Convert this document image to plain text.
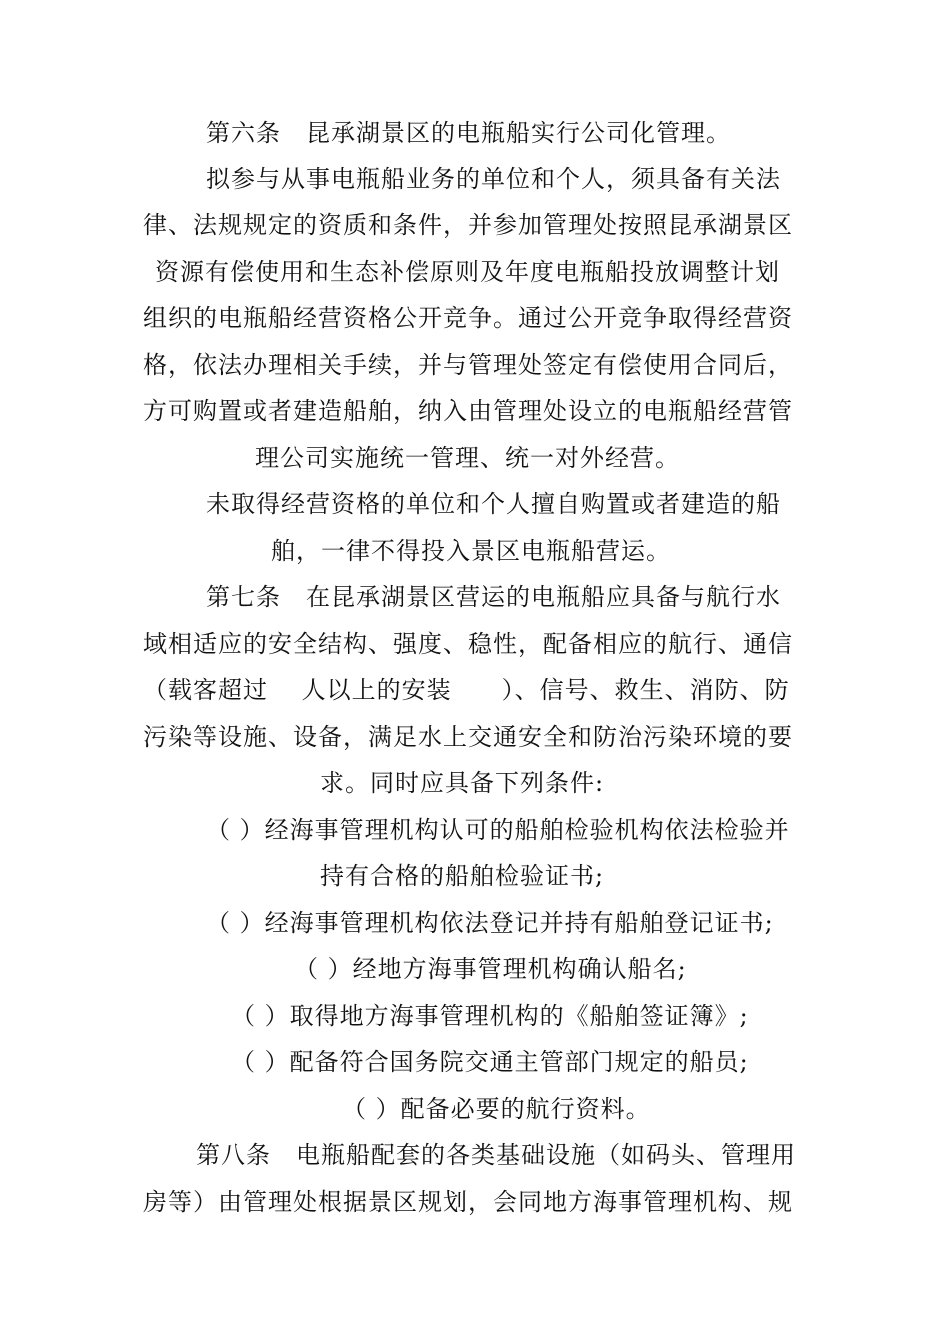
第六条　昆承湖景区的电瓶船实行公司化管理。
拟参与从事电瓶船业务的单位和个人，须具备有关法
律、法规规定的资质和条件，并参加管理处按照昆承湖景区
资源有偿使用和生态补偿原则及年度电瓶船投放调整计划
组织的电瓶船经营资格公开竞争。通过公开竞争取得经营资
格，依法办理相关手续，并与管理处签定有偿使用合同后，
方可购置或者建造船舶，纳入由管理处设立的电瓶船经营管
理公司实施统一管理、统一对外经营。
未取得经营资格的单位和个人擅自购置或者建造的船
舶，一律不得投入景区电瓶船营运。
第七条　在昆承湖景区营运的电瓶船应具备与航行水
域相适应的安全结构、强度、稳性，配备相应的航行、通信
（载客超过　 人以上的安装　　）、信号、救生、消防、防
污染等设施、设备，满足水上交通安全和防治污染环境的要
求。同时应具备下列条件:
（ ）经海事管理机构认可的船舶检验机构依法检验并
持有合格的船舶检验证书;
（ ）经海事管理机构依法登记并持有船舶登记证书;
（ ）经地方海事管理机构确认船名;
（ ）取得地方海事管理机构的《船舶签证簿》;
（ ）配备符合国务院交通主管部门规定的船员;
（ ）配备必要的航行资料。
第八条　电瓶船配套的各类基础设施（如码头、管理用
房等）由管理处根据景区规划，会同地方海事管理机构、规
